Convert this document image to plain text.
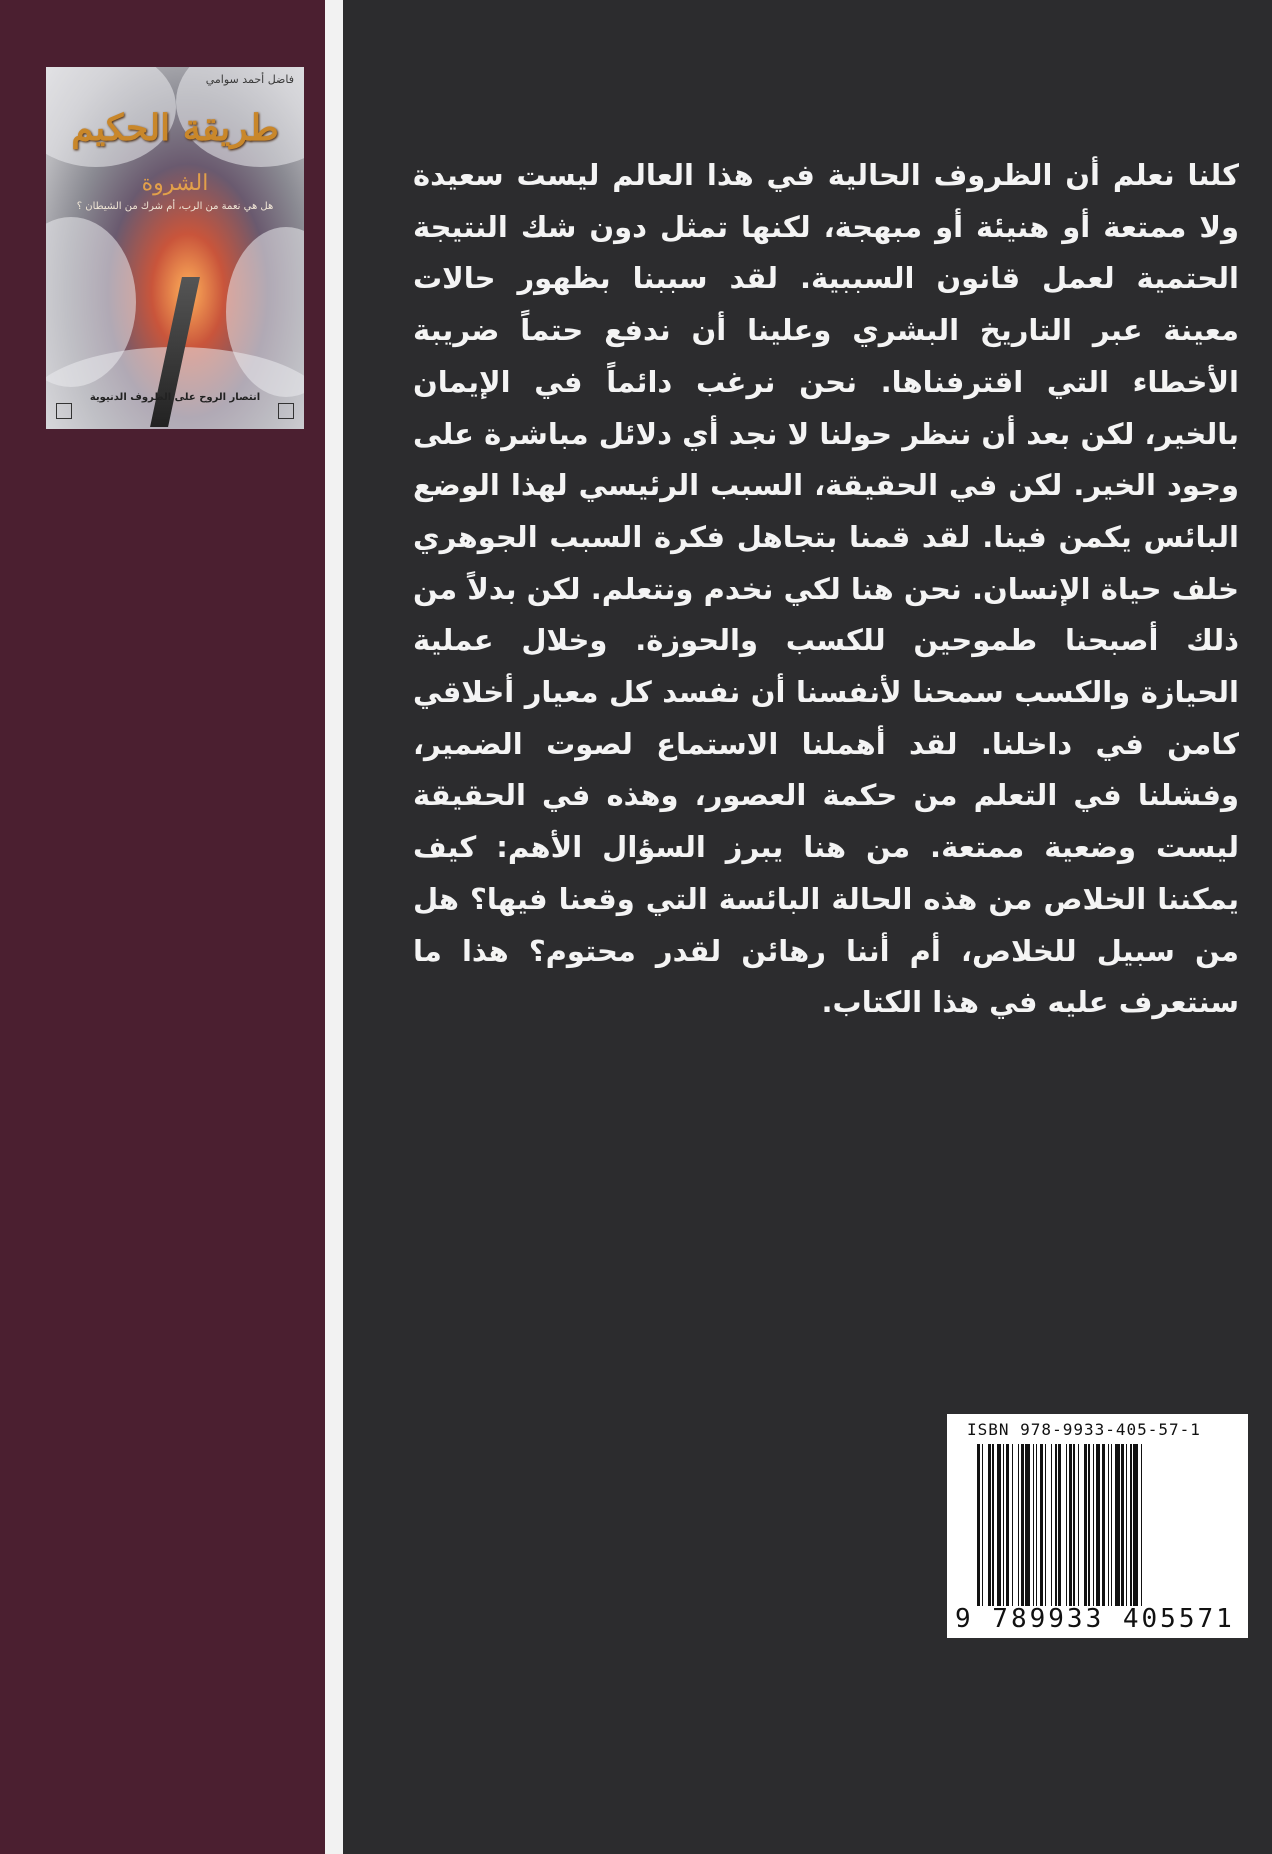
فاضل أحمد سوامي
طريقة الحكيم
الشروة
هل هي نعمة من الرب، أم شرك من الشيطان ؟
انتصار الروح على الظروف الدنيوية
كلنا نعلم أن الظروف الحالية في هذا العالم ليست سعيدة ولا ممتعة أو هنيئة أو مبهجة، لكنها تمثل دون شك النتيجة الحتمية لعمل قانون السببية. لقد سببنا بظهور حالات معينة عبر التاريخ البشري وعلينا أن ندفع حتماً ضريبة الأخطاء التي اقترفناها. نحن نرغب دائماً في الإيمان بالخير، لكن بعد أن ننظر حولنا لا نجد أي دلائل مباشرة على وجود الخير. لكن في الحقيقة، السبب الرئيسي لهذا الوضع البائس يكمن فينا. لقد قمنا بتجاهل فكرة السبب الجوهري خلف حياة الإنسان. نحن هنا لكي نخدم ونتعلم. لكن بدلاً من ذلك أصبحنا طموحين للكسب والحوزة. وخلال عملية الحيازة والكسب سمحنا لأنفسنا أن نفسد كل معيار أخلاقي كامن في داخلنا. لقد أهملنا الاستماع لصوت الضمير، وفشلنا في التعلم من حكمة العصور، وهذه في الحقيقة ليست وضعية ممتعة. من هنا يبرز السؤال الأهم: كيف يمكننا الخلاص من هذه الحالة البائسة التي وقعنا فيها؟ هل من سبيل للخلاص، أم أننا رهائن لقدر محتوم؟ هذا ما سنتعرف عليه في هذا الكتاب.
ISBN 978-9933-405-57-1
9 789933 405571
